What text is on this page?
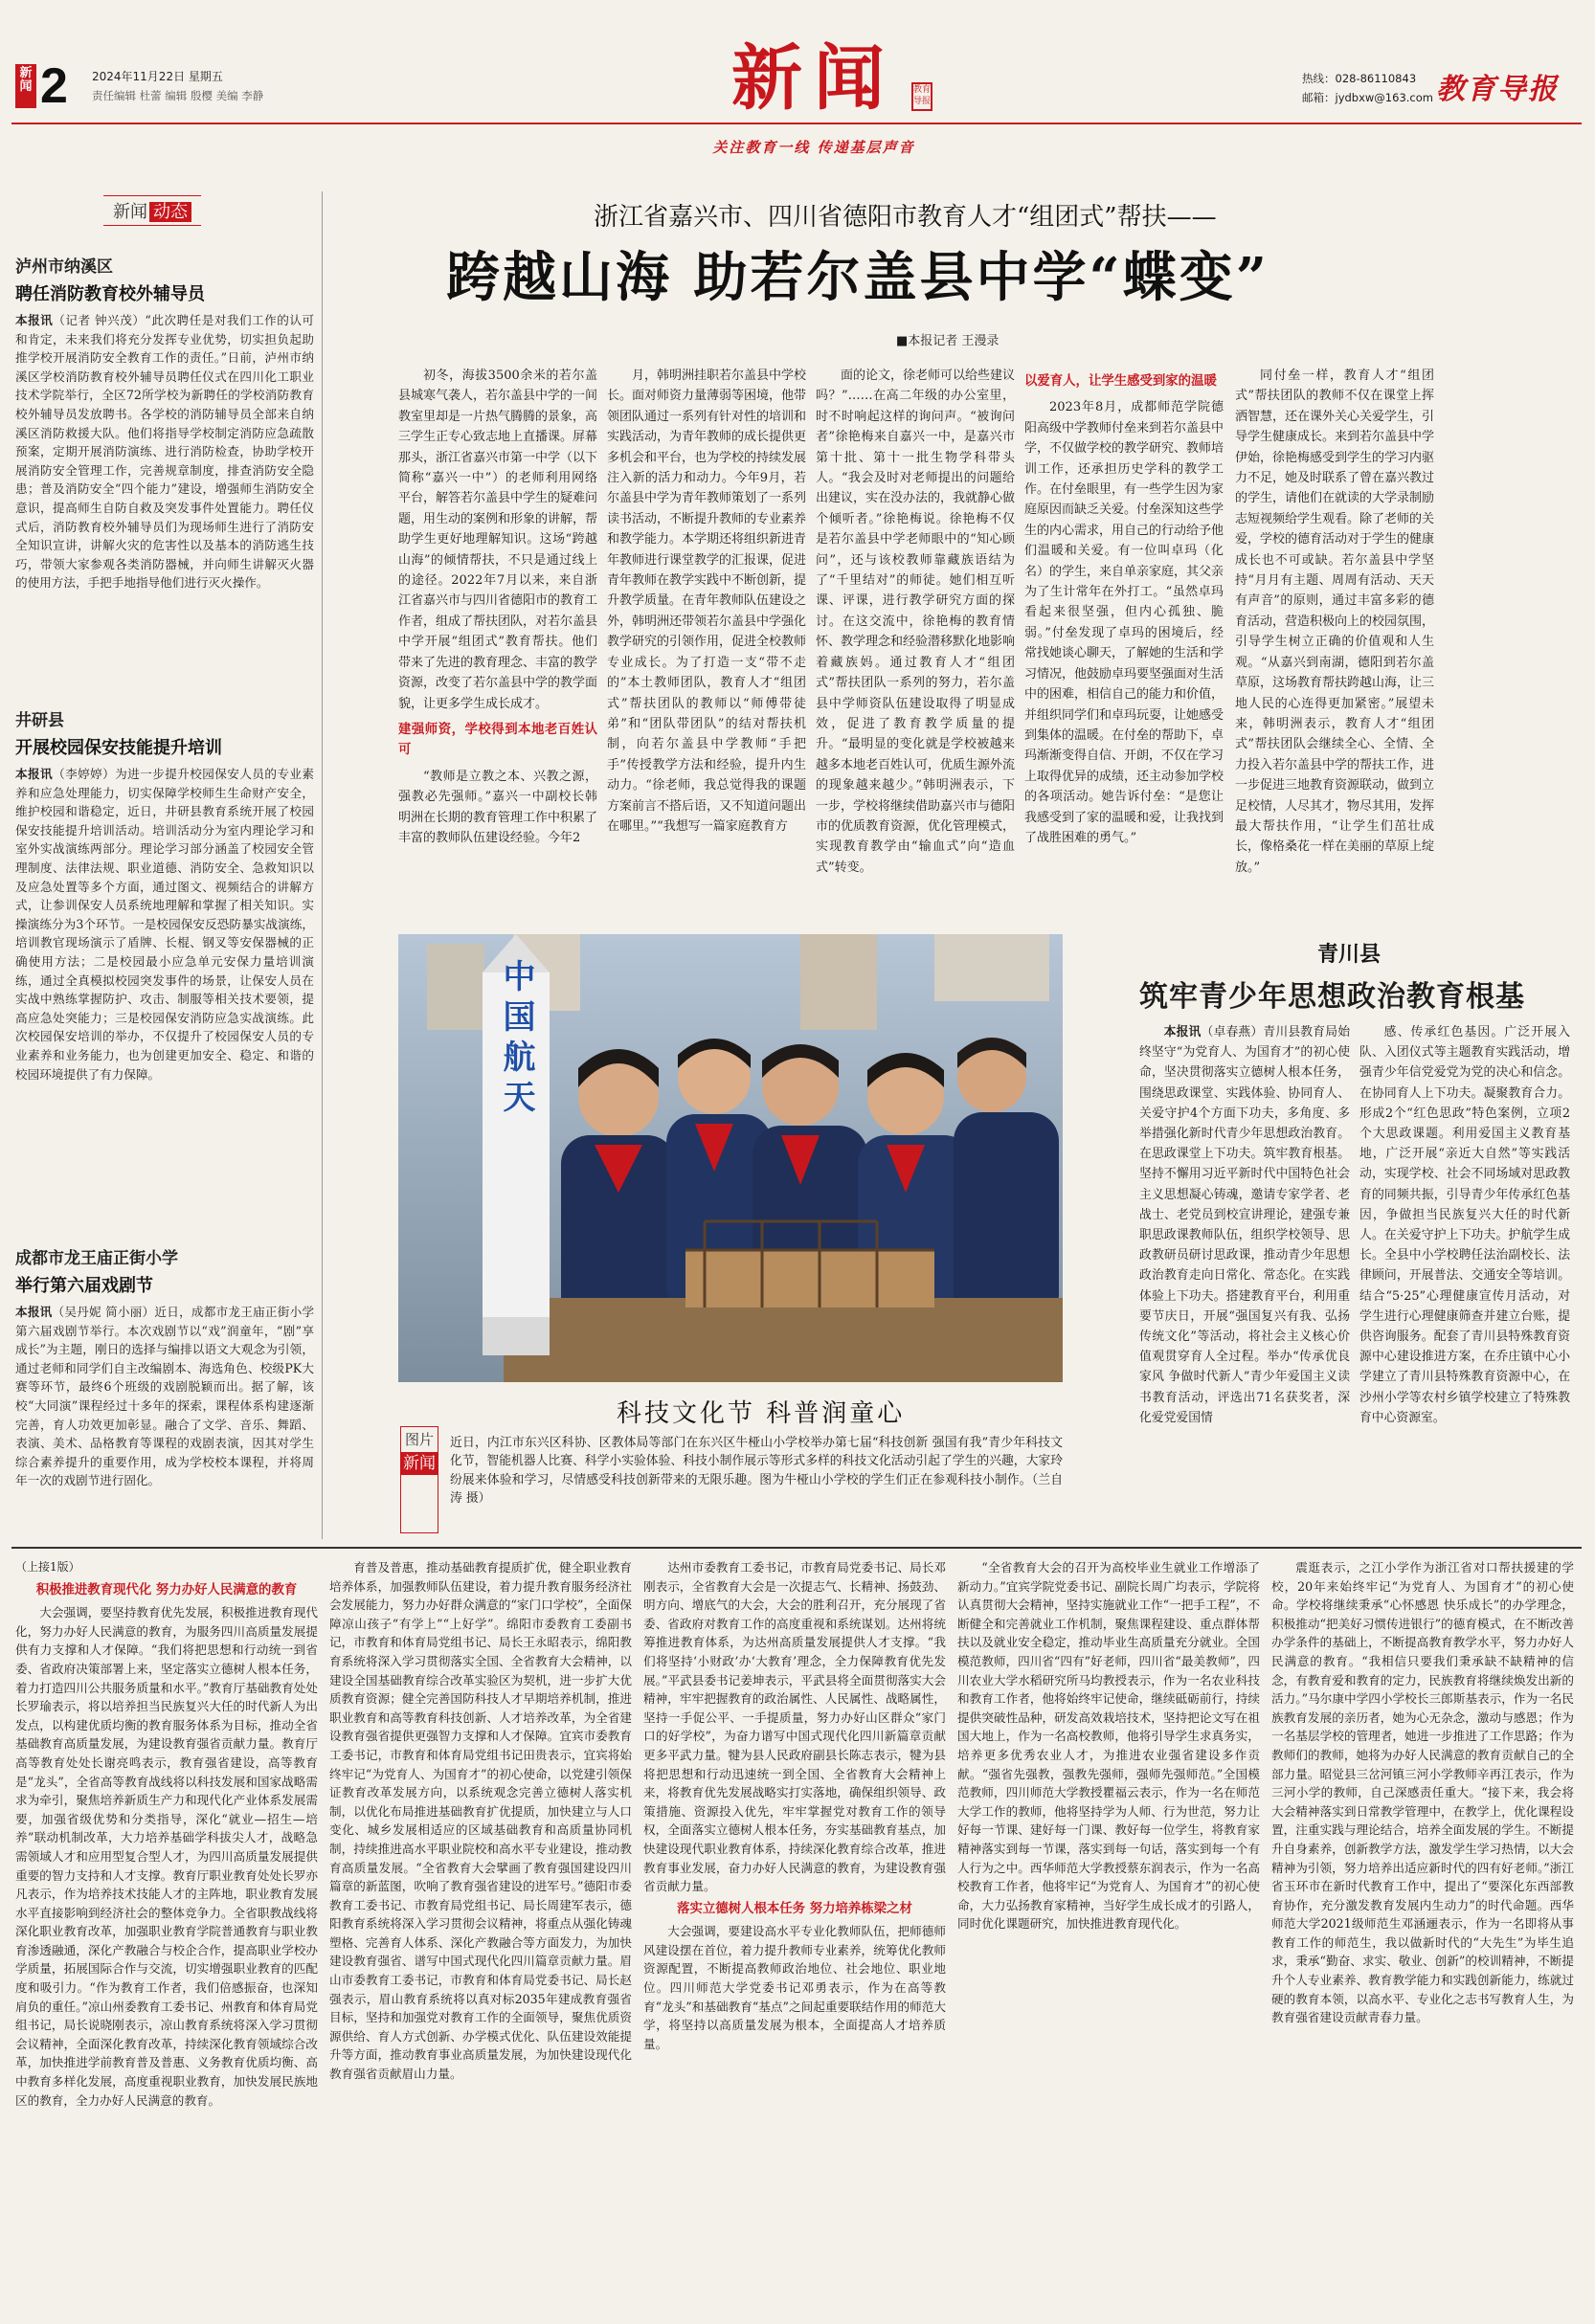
新闻 2 2024年11月22日 星期五
责任编辑 杜蕾 编辑 殷樱 美编 李静	新闻	教育
导报
关注教育一线 传递基层声音
热线：028-86110843
邮箱：jydbxw@163.com 教育导报
新闻 动态
泸州市纳溪区
聘任消防教育校外辅导员
本报讯（记者 钟兴茂）“此次聘任是对我们工作的认可和肯定，未来我们将充分发挥专业优势，切实担负起助推学校开展消防安全教育工作的责任。”日前，泸州市纳溪区学校消防教育校外辅导员聘任仪式在四川化工职业技术学院举行，全区72所学校为新聘任的学校消防教育校外辅导员发放聘书。各学校的消防辅导员全部来自纳溪区消防救援大队。他们将指导学校制定消防应急疏散预案，定期开展消防演练、进行消防检查，协助学校开展消防安全管理工作，完善规章制度，排查消防安全隐患；普及消防安全“四个能力”建设，增强师生消防安全意识，提高师生自防自救及突发事件处置能力。聘任仪式后，消防教育校外辅导员们为现场师生进行了消防安全知识宣讲，讲解火灾的危害性以及基本的消防逃生技巧，带领大家参观各类消防器械，并向师生讲解灭火器的使用方法，手把手地指导他们进行灭火操作。
井研县
开展校园保安技能提升培训
本报讯（李婷婷）为进一步提升校园保安人员的专业素养和应急处理能力，切实保障学校师生生命财产安全，维护校园和谐稳定，近日，井研县教育系统开展了校园保安技能提升培训活动。培训活动分为室内理论学习和室外实战演练两部分。理论学习部分涵盖了校园安全管理制度、法律法规、职业道德、消防安全、急救知识以及应急处置等多个方面，通过图文、视频结合的讲解方式，让参训保安人员系统地理解和掌握了相关知识。实操演练分为3个环节。一是校园保安反恐防暴实战演练，培训教官现场演示了盾牌、长棍、钢叉等安保器械的正确使用方法；二是校园最小应急单元安保力量培训演练，通过全真模拟校园突发事件的场景，让保安人员在实战中熟练掌握防护、攻击、制服等相关技术要领，提高应急处突能力；三是校园保安消防应急实战演练。此次校园保安培训的举办，不仅提升了校园保安人员的专业素养和业务能力，也为创建更加安全、稳定、和谐的校园环境提供了有力保障。
成都市龙王庙正街小学
举行第六届戏剧节
本报讯（吴丹妮 简小丽）近日，成都市龙王庙正街小学第六届戏剧节举行。本次戏剧节以“戏”润童年，“剧”享成长”为主题，刚日的选择与编排以语文大观念为引领，通过老师和同学们自主改编剧本、海选角色、校级PK大赛等环节，最终6个班级的戏剧脱颖而出。据了解，该校“大同演”课程经过十多年的探索，课程体系构建逐渐完善，育人功效更加彰显。融合了文学、音乐、舞蹈、表演、美术、品格教育等课程的戏剧表演，因其对学生综合素养提升的重要作用，成为学校校本课程，并将周年一次的戏剧节进行固化。
浙江省嘉兴市、四川省德阳市教育人才“组团式”帮扶——
跨越山海 助若尔盖县中学“蝶变”
■本报记者 王漫录

初冬，海拔3500余米的若尔盖县城寒气袭人，若尔盖县中学的一间教室里却是一片热气腾腾的景象，高三学生正专心致志地上直播课。屏幕那头，浙江省嘉兴市第一中学（以下简称“嘉兴一中”）的老师利用网络平台，解答若尔盖县中学生的疑难问题，用生动的案例和形象的讲解，帮助学生更好地理解知识。这场“跨越山海”的倾情帮扶，不只是通过线上的途径。2022年7月以来，来自浙江省嘉兴市与四川省德阳市的教育工作者，组成了帮扶团队，对若尔盖县中学开展“组团式”教育帮扶。他们带来了先进的教育理念、丰富的教学资源，改变了若尔盖县中学的教学面貌，让更多学生成长成才。

建强师资，学校得到本地老百姓认可

“教师是立教之本、兴教之源，强教必先强师。”嘉兴一中副校长韩明洲在长期的教育管理工作中积累了丰富的教师队伍建设经验。今年2

月，韩明洲挂职若尔盖县中学校长。面对师资力量薄弱等困境，他带领团队通过一系列有针对性的培训和实践活动，为青年教师的成长提供更多机会和平台，也为学校的持续发展注入新的活力和动力。今年9月，若尔盖县中学为青年教师策划了一系列读书活动，不断提升教师的专业素养和教学能力。本学期还将组织新进青年教师进行课堂教学的汇报课，促进青年教师在教学实践中不断创新，提升教学质量。在青年教师队伍建设之外，韩明洲还带领若尔盖县中学强化教学研究的引领作用，促进全校教师专业成长。为了打造一支“带不走的”本土教师团队，教育人才“组团式”帮扶团队的教师以“师傅带徒弟”和“团队带团队”的结对帮扶机制，向若尔盖县中学教师“手把手”传授教学方法和经验，提升内生动力。“徐老师，我总觉得我的课题方案前言不搭后语，又不知道问题出在哪里。”“我想写一篇家庭教育方

面的论文，徐老师可以给些建议吗？”……在高二年级的办公室里，时不时响起这样的询问声。“被询问者”徐艳梅来自嘉兴一中，是嘉兴市第十批、第十一批生物学科带头人。“我会及时对老师提出的问题给出建议，实在没办法的，我就静心做个倾听者。”徐艳梅说。徐艳梅不仅是若尔盖县中学老师眼中的“知心顾问”，还与该校教师靠藏族语结为了“千里结对”的师徒。她们相互听课、评课，进行教学研究方面的探讨。在这交流中，徐艳梅的教育情怀、教学理念和经验潜移默化地影响着藏族妈。通过教育人才“组团式”帮扶团队一系列的努力，若尔盖县中学师资队伍建设取得了明显成效，促进了教育教学质量的提升。“最明显的变化就是学校被越来越多本地老百姓认可，优质生源外流的现象越来越少。”韩明洲表示，下一步，学校将继续借助嘉兴市与德阳市的优质教育资源，优化管理模式，实现教育教学由“输血式”向“造血式”转变。

以爱育人，让学生感受到家的温暖

2023年8月，成都师范学院德阳高级中学教师付垒来到若尔盖县中学，不仅做学校的教学研究、教师培训工作，还承担历史学科的教学工作。在付垒眼里，有一些学生因为家庭原因而缺乏关爱。付垒深知这些学生的内心需求，用自己的行动给予他们温暖和关爱。有一位叫卓玛（化名）的学生，来自单亲家庭，其父亲为了生计常年在外打工。“虽然卓玛看起来很坚强，但内心孤独、脆弱。”付垒发现了卓玛的困境后，经常找她谈心聊天，了解她的生活和学习情况，他鼓励卓玛要坚强面对生活中的困难，相信自己的能力和价值，并组织同学们和卓玛玩耍，让她感受到集体的温暖。在付垒的帮助下，卓玛渐渐变得自信、开朗，不仅在学习上取得优异的成绩，还主动参加学校的各项活动。她告诉付垒：“是您让我感受到了家的温暖和爱，让我找到了战胜困难的勇气。”

同付垒一样，教育人才“组团式”帮扶团队的教师不仅在课堂上挥洒智慧，还在课外关心关爱学生，引导学生健康成长。来到若尔盖县中学伊始，徐艳梅感受到学生的学习内驱力不足，她及时联系了曾在嘉兴教过的学生，请他们在就读的大学录制励志短视频给学生观看。除了老师的关爱，学校的德育活动对于学生的健康成长也不可或缺。若尔盖县中学坚持“月月有主题、周周有活动、天天有声音”的原则，通过丰富多彩的德育活动，营造积极向上的校园氛围，引导学生树立正确的价值观和人生观。“从嘉兴到南湖，德阳到若尔盖草原，这场教育帮扶跨越山海，让三地人民的心连得更加紧密。”展望未来，韩明洲表示，教育人才“组团式”帮扶团队会继续全心、全情、全力投入若尔盖县中学的帮扶工作，进一步促进三地教育资源联动，做到立足校情，人尽其才，物尽其用，发挥最大帮扶作用，“让学生们茁壮成长，像格桑花一样在美丽的草原上绽放。”

中国航天
科技文化节 科普润童心
图片
新闻
近日，内江市东兴区科协、区教体局等部门在东兴区牛桠山小学校举办第七届“科技创新 强国有我”青少年科技文化节，智能机器人比赛、科学小实验体验、科技小制作展示等形式多样的科技文化活动引起了学生的兴趣，大家玲纷展来体验和学习，尽情感受科技创新带来的无限乐趣。图为牛桠山小学校的学生们正在参观科技小制作。（兰自涛 摄）
青川县
筑牢青少年思想政治教育根基

本报讯（卓春燕）青川县教育局始终坚守“为党育人、为国育才”的初心使命，坚决贯彻落实立德树人根本任务，围绕思政课堂、实践体验、协同育人、关爱守护4个方面下功夫，多角度、多举措强化新时代青少年思想政治教育。在思政课堂上下功夫。筑牢教育根基。坚持不懈用习近平新时代中国特色社会主义思想凝心铸魂，邀请专家学者、老战士、老党员到校宣讲理论，建强专兼职思政课教师队伍，组织学校领导、思政教研员研讨思政课，推动青少年思想政治教育走向日常化、常态化。在实践体验上下功夫。搭建教育平台，利用重要节庆日，开展“强国复兴有我、弘扬传统文化”等活动，将社会主义核心价值观贯穿育人全过程。举办“传承优良家风 争做时代新人”青少年爱国主义读书教育活动，评选出71名获奖者，深化爱党爱国情

感、传承红色基因。广泛开展入队、入团仪式等主题教育实践活动，增强青少年信党爱党为党的决心和信念。在协同育人上下功夫。凝聚教育合力。形成2个“红色思政”特色案例，立项2个大思政课题。利用爱国主义教育基地，广泛开展“亲近大自然”等实践活动，实现学校、社会不同场域对思政教育的同频共振，引导青少年传承红色基因，争做担当民族复兴大任的时代新人。在关爱守护上下功夫。护航学生成长。全县中小学校聘任法治副校长、法律顾问，开展普法、交通安全等培训。结合“5·25”心理健康宣传月活动，对学生进行心理健康筛查并建立台账，提供咨询服务。配套了青川县特殊教育资源中心建设推进方案，在乔庄镇中心小学建立了青川县特殊教育资源中心，在沙州小学等农村乡镇学校建立了特殊教育中心资源室。

（上接1版）
积极推进教育现代化 努力办好人民满意的教育

大会强调，要坚持教育优先发展，积极推进教育现代化，努力办好人民满意的教育，为服务四川高质量发展提供有力支撑和人才保障。“我们将把思想和行动统一到省委、省政府决策部署上来，坚定落实立德树人根本任务，着力打造四川公共服务质量和水平。”教育厅基础教育处处长罗瑜表示，将以培养担当民族复兴大任的时代新人为出发点，以构建优质均衡的教育服务体系为目标，推动全省基础教育高质量发展，为建设教育强省贡献力量。教育厅高等教育处处长谢亮鸣表示，教育强省建设，高等教育是“龙头”，全省高等教育战线将以科技发展和国家战略需求为牵引，聚焦培养新质生产力和现代化产业体系发展需要，加强省级优势和分类指导，深化“就业—招生—培养”联动机制改革，大力培养基础学科拔尖人才，战略急需领域人才和应用型复合型人才，为四川高质量发展提供重要的智力支持和人才支撑。教育厅职业教育处处长罗亦凡表示，作为培养技术技能人才的主阵地，职业教育发展水平直接影响到经济社会的整体竞争力。全省职教战线将深化职业教育改革，加强职业教育学院普通教育与职业教育渗透融通，深化产教融合与校企合作，提高职业学校办学质量，拓展国际合作与交流，切实增强职业教育的匹配度和吸引力。“作为教育工作者，我们倍感振奋，也深知肩负的重任。”凉山州委教育工委书记、州教育和体育局党组书记，局长说晓刚表示，凉山教育系统将深入学习贯彻会议精神，全面深化教育改革，持续深化教育领域综合改革，加快推进学前教育普及普惠、义务教育优质均衡、高中教育多样化发展，高度重视职业教育，加快发展民族地区的教育，全力办好人民满意的教育。

育普及普惠，推动基础教育提质扩优，健全职业教育培养体系，加强教师队伍建设，着力提升教育服务经济社会发展能力，努力办好群众满意的“家门口学校”，全面保障凉山孩子“有学上”“上好学”。绵阳市委教育工委副书记，市教育和体育局党组书记、局长王永昭表示，绵阳教育系统将深入学习贯彻落实全国、全省教育大会精神，以建设全国基础教育综合改革实验区为契机，进一步扩大优质教育资源；健全完善国防科技人才早期培养机制，推进职业教育和高等教育科技创新、人才培养改革，为全省建设教育强省提供更强智力支撑和人才保障。宜宾市委教育工委书记，市教育和体育局党组书记田贵表示，宜宾将始终牢记“为党育人、为国育才”的初心使命，以党建引领保证教育改革发展方向，以系统观念完善立德树人落实机制，以优化布局推进基础教育扩优提质，加快建立与人口变化、城乡发展相适应的区域基础教育和高质量协同机制，持续推进高水平职业院校和高水平专业建设，推动教育高质量发展。“全省教育大会擘画了教育强国建设四川篇章的新蓝图，吹响了教育强省建设的进军号。”德阳市委教育工委书记、市教育局党组书记、局长周建军表示，德阳教育系统将深入学习贯彻会议精神，将重点从强化铸魂塑格、完善育人体系、深化产教融合等方面发力，为加快建设教育强省、谱写中国式现代化四川篇章贡献力量。眉山市委教育工委书记，市教育和体育局党委书记、局长赵强表示，眉山教育系统将以真对标2035年建成教育强省目标，坚持和加强党对教育工作的全面领导，聚焦优质资源供给、育人方式创新、办学模式优化、队伍建设效能提升等方面，推动教育事业高质量发展，为加快建设现代化教育强省贡献眉山力量。

达州市委教育工委书记，市教育局党委书记、局长邓刚表示，全省教育大会是一次提志气、长精神、扬鼓劲、明方向、增底气的大会，大会的胜利召开，充分展现了省委、省政府对教育工作的高度重视和系统谋划。达州将统筹推进教育体系，为达州高质量发展提供人才支撑。“我们将坚持‘小财政’办‘大教育’理念，全力保障教育优先发展。”平武县委书记姜坤表示，平武县将全面贯彻落实大会精神，牢牢把握教育的政治属性、人民属性、战略属性，坚持一手促公平、一手提质量，努力办好山区群众“家门口的好学校”，为奋力谱写中国式现代化四川新篇章贡献更多平武力量。犍为县人民政府副县长陈志表示，犍为县将把思想和行动迅速统一到全国、全省教育大会精神上来，将教育优先发展战略实打实落地，确保组织领导、政策措施、资源投入优先，牢牢掌握党对教育工作的领导权，全面落实立德树人根本任务，夯实基础教育基点，加快建设现代职业教育体系，持续深化教育综合改革，推进教育事业发展，奋力办好人民满意的教育，为建设教育强省贡献力量。

落实立德树人根本任务 努力培养栋梁之材

大会强调，要建设高水平专业化教师队伍，把师德师风建设摆在首位，着力提升教师专业素养，统筹优化教师资源配置，不断提高教师政治地位、社会地位、职业地位。四川师范大学党委书记邓勇表示，作为在高等教育“龙头”和基础教育“基点”之间起重要联结作用的师范大学，将坚持以高质量发展为根本，全面提高人才培养质量。

“全省教育大会的召开为高校毕业生就业工作增添了新动力。”宜宾学院党委书记、副院长周广均表示，学院将认真贯彻大会精神，坚持实施就业工作“一把手工程”，不断健全和完善就业工作机制，聚焦课程建设、重点群体帮扶以及就业安全稳定，推动毕业生高质量充分就业。全国模范教师，四川省“四有”好老师，四川省“最美教师”，四川农业大学水稻研究所马均教授表示，作为一名农业科技和教育工作者，他将始终牢记使命，继续砥砺前行，持续提供突破性品种，研发高效栽培技术，坚持把论文写在祖国大地上，作为一名高校教师，他将引导学生求真务实，培养更多优秀农业人才，为推进农业强省建设多作贡献。“强省先强教，强教先强师，强师先强师范。”全国模范教师，四川师范大学教授瞿福云表示，作为一名在师范大学工作的教师，他将坚持学为人师、行为世范，努力让好每一节课、建好每一门课、教好每一位学生，将教育家精神落实到每一节课，落实到每一句话，落实到每一个有人行为之中。西华师范大学教授蔡东润表示，作为一名高校教育工作者，他将牢记“为党育人、为国育才”的初心使命，大力弘扬教育家精神，当好学生成长成才的引路人，同时优化课题研究，加快推进教育现代化。

震逛表示，之江小学作为浙江省对口帮扶援建的学校，20年来始终牢记“为党育人、为国育才”的初心使命。学校将继续秉承“心怀感恩 快乐成长”的办学理念，积极推动“把美好习惯传进银行”的德育模式，在不断改善办学条件的基础上，不断提高教育教学水平，努力办好人民满意的教育。“我相信只要我们秉承缺不缺精神的信念，有教育爱和教育的定力，民族教育将继续焕发出新的活力。”马尔康中学四小学校长三郎斯基表示，作为一名民族教育发展的亲历者，她为心无杂念，激动与感恩；作为一名基层学校的管理者，她进一步推进了工作思路；作为教师们的教师，她将为办好人民满意的教育贡献自己的全部力量。昭觉县三岔河镇三河小学教师辛再江表示，作为三河小学的教师，自己深感责任重大。“接下来，我会将大会精神落实到日常教学管理中，在教学上，优化课程设置，注重实践与理论结合，培养全面发展的学生。不断提升自身素养，创新教学方法，激发学生学习热情，以大会精神为引领，努力培养出适应新时代的四有好老师。”浙江省玉环市在新时代教育工作中，提出了“要深化东西部教育协作，充分激发教育发展内生动力”的时代命题。西华师范大学2021级师范生邓涵逦表示，作为一名即将从事教育工作的师范生，我以做新时代的“大先生”为毕生追求，秉承“勤奋、求实、敬业、创新”的校训精神，不断提升个人专业素养、教育教学能力和实践创新能力，练就过硬的教育本领，以高水平、专业化之志书写教育人生，为教育强省建设贡献青春力量。
